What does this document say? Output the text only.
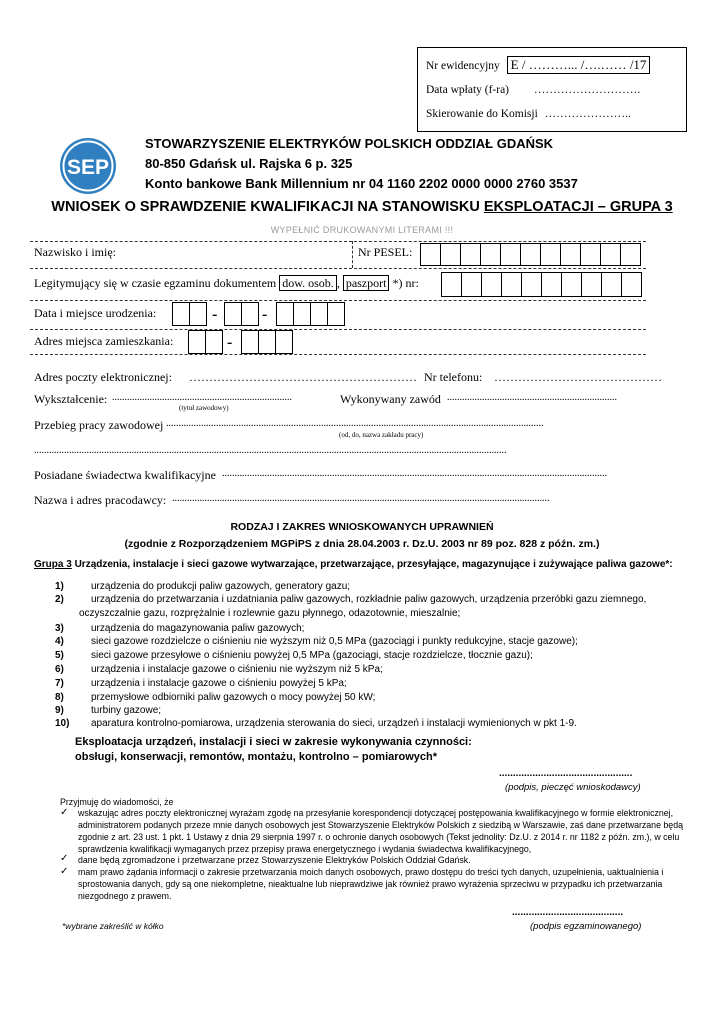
Nr ewidencyjny E / ………... /….…… /17
Data wpłaty (f-ra) ……………………….
Skierowanie do Komisji …………………..
SEP
STOWARZYSZENIE ELEKTRYKÓW POLSKICH ODDZIAŁ GDAŃSK
80-850 Gdańsk ul. Rajska 6 p. 325
Konto bankowe Bank Millennium nr 04 1160 2202 0000 0000 2760 3537
WNIOSEK O SPRAWDZENIE KWALIFIKACJI NA STANOWISKU EKSPLOATACJI – GRUPA 3
WYPEŁNIĆ DRUKOWANYMI LITERAMI !!!
Nazwisko i imię:	Nr PESEL:
Legitymujący się w czasie egzaminu dokumentem dow. osob. , paszport *) nr:
Data i miejsce urodzenia:	-	-
Adres miejsca zamieszkania:	-
Adres poczty elektronicznej: ………………………………………………… Nr telefonu: ……………………………………
Wykształcenie: ........................................................................
(tytuł zawodowy)
Wykonywany zawód ....................................................................
Przebieg pracy zawodowej .......................................................................................................................................................
(od, do, nazwa zakładu pracy)
.............................................................................................................................................................................................
Posiadane świadectwa kwalifikacyjne ..........................................................................................................................................................
Nazwa i adres pracodawcy: .......................................................................................................................................................
RODZAJ I ZAKRES WNIOSKOWANYCH UPRAWNIEŃ
(zgodnie z Rozporządzeniem MGPiPS z dnia 28.04.2003 r. Dz.U. 2003 nr 89 poz. 828 z późn. zm.)
Grupa 3 Urządzenia, instalacje i sieci gazowe wytwarzające, przetwarzające, przesyłające, magazynujące i zużywające paliwa gazowe*:
1)	urządzenia do produkcji paliw gazowych, generatory gazu;
2)	urządzenia do przetwarzania i uzdatniania paliw gazowych, rozkładnie paliw gazowych, urządzenia przeróbki gazu ziemnego,
oczyszczalnie gazu, rozprężalnie i rozlewnie gazu płynnego, odazotownie, mieszalnie;
3)	urządzenia do magazynowania paliw gazowych;
4)	sieci gazowe rozdzielcze o ciśnieniu nie wyższym niż 0,5 MPa (gazociągi i punkty redukcyjne, stacje gazowe);
5)	sieci gazowe przesyłowe o ciśnieniu powyżej 0,5 MPa (gazociągi, stacje rozdzielcze, tłocznie gazu);
6)	urządzenia i instalacje gazowe o ciśnieniu nie wyższym niż 5 kPa;
7)	urządzenia i instalacje gazowe o ciśnieniu powyżej 5 kPa;
8)	przemysłowe odbiorniki paliw gazowych o mocy powyżej 50 kW;
9)	turbiny gazowe;
10) aparatura kontrolno-pomiarowa, urządzenia sterowania do sieci, urządzeń i instalacji wymienionych w pkt 1-9.
Eksploatacja urządzeń, instalacji i sieci w zakresie wykonywania czynności:
obsługi, konserwacji, remontów, montażu, kontrolno – pomiarowych*
................................................
(podpis, pieczęć wnioskodawcy)
Przyjmuję do wiadomości, że
✓ wskazując adres poczty elektronicznej wyrażam zgodę na przesyłanie korespondencji dotyczącej postępowania kwalifikacyjnego w formie elektronicznej, administratorem podanych przeze mnie danych osobowych jest Stowarzyszenie Elektryków Polskich z siedzibą w Warszawie, zaś dane przetwarzane będą zgodnie z art. 23 ust. 1 pkt. 1 Ustawy z dnia 29 sierpnia 1997 r. o ochronie danych osobowych (Tekst jednolity: Dz.U. z 2014 r. nr 1182 z późn. zm.), w celu sprawdzenia kwalifikacji wymaganych przez przepisy prawa energetycznego i wydania świadectwa kwalifikacyjnego,
✓ dane będą zgromadzone i przetwarzane przez Stowarzyszenie Elektryków Polskich Oddział Gdańsk.
✓ mam prawo żądania informacji o zakresie przetwarzania moich danych osobowych, prawo dostępu do treści tych danych, uzupełnienia, uaktualnienia i sprostowania danych, gdy są one niekompletne, nieaktualne lub nieprawdziwe jak również prawo wyrażenia sprzeciwu w przypadku ich przetwarzania niezgodnego z prawem.
........................................
*wybrane zakreślić w kółko	(podpis egzaminowanego)
